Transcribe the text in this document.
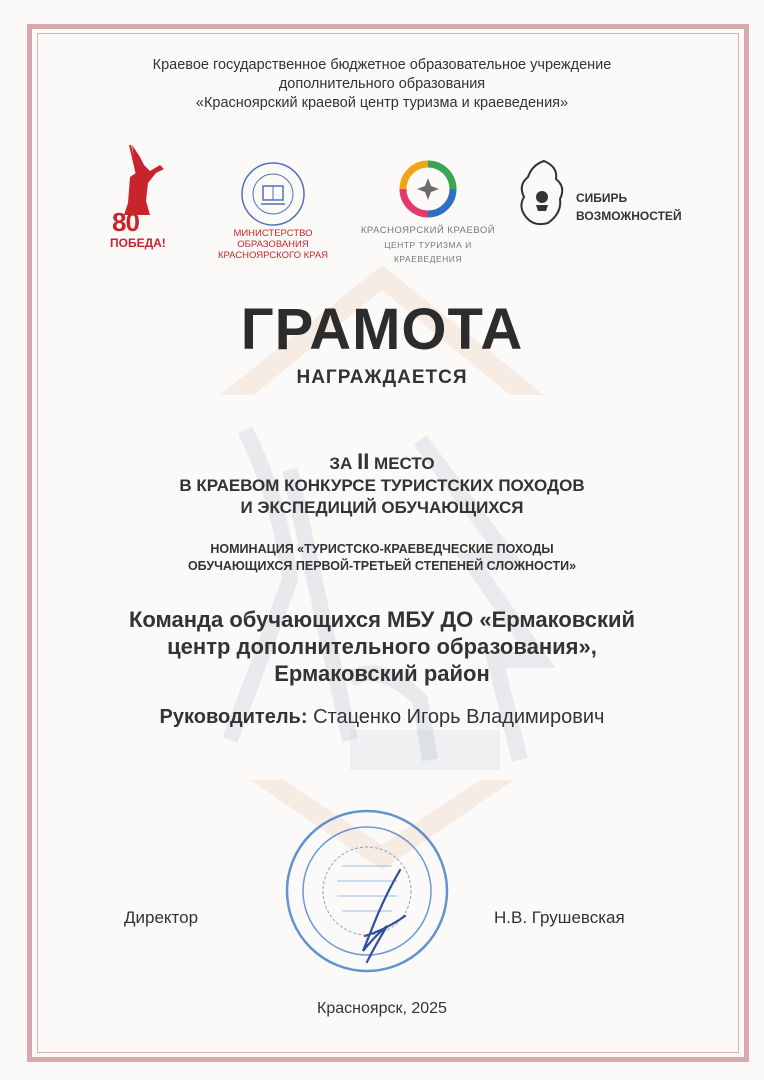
Краевое государственное бюджетное образовательное учреждение
дополнительного образования
«Красноярский краевой центр туризма и краеведения»
80
ПОБЕДА!
МИНИСТЕРСТВО
ОБРАЗОВАНИЯ
КРАСНОЯРСКОГО КРАЯ
КРАСНОЯРСКИЙ КРАЕВОЙ
ЦЕНТР ТУРИЗМА И КРАЕВЕДЕНИЯ
СИБИРЬ
ВОЗМОЖНОСТЕЙ
ГРАМОТА
НАГРАЖДАЕТСЯ
ЗА II МЕСТО
В КРАЕВОМ КОНКУРСЕ ТУРИСТСКИХ ПОХОДОВ
И ЭКСПЕДИЦИЙ ОБУЧАЮЩИХСЯ
НОМИНАЦИЯ «ТУРИСТСКО-КРАЕВЕДЧЕСКИЕ ПОХОДЫ
ОБУЧАЮЩИХСЯ ПЕРВОЙ-ТРЕТЬЕЙ СТЕПЕНЕЙ СЛОЖНОСТИ»
Команда обучающихся МБУ ДО «Ермаковский
центр дополнительного образования»,
Ермаковский район
Руководитель: Стаценко Игорь Владимирович
Директор	Н.В. Грушевская
Красноярск, 2025
